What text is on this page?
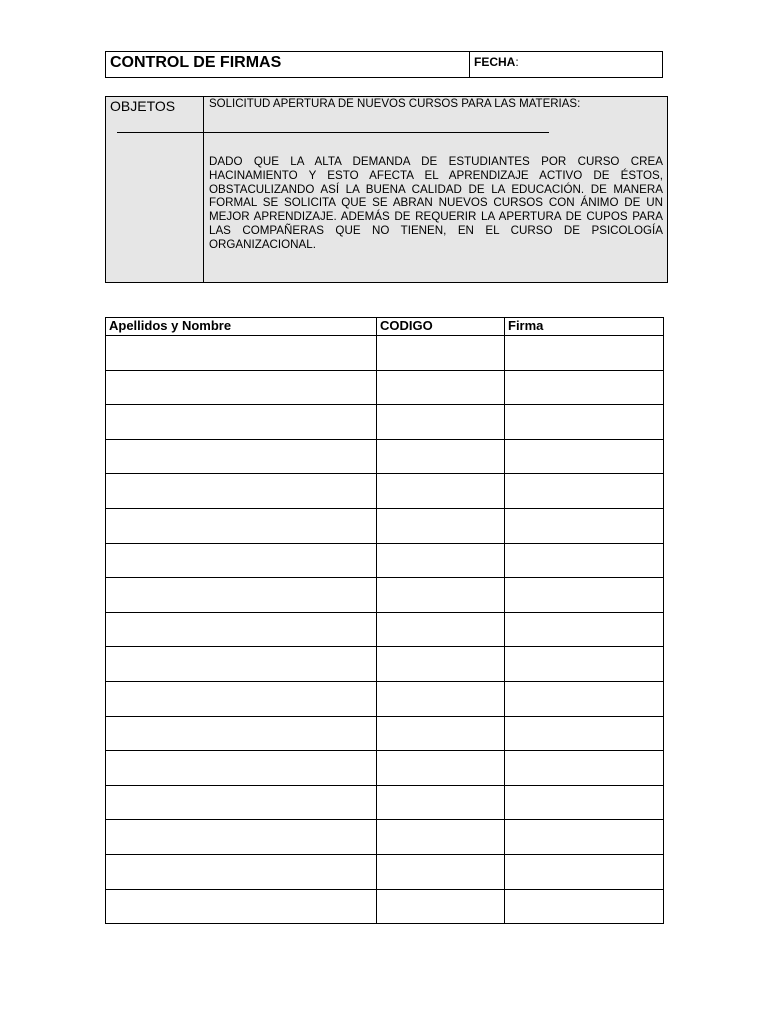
CONTROL DE FIRMAS	FECHA:
OBJETOS	SOLICITUD APERTURA DE NUEVOS CURSOS PARA LAS MATERIAS:
DADO QUE LA ALTA DEMANDA DE ESTUDIANTES POR CURSO CREA HACINAMIENTO Y ESTO AFECTA EL APRENDIZAJE ACTIVO DE ÉSTOS, OBSTACULIZANDO ASÍ LA BUENA CALIDAD DE LA EDUCACIÓN. DE MANERA FORMAL SE SOLICITA QUE SE ABRAN NUEVOS CURSOS CON ÁNIMO DE UN MEJOR APRENDIZAJE. ADEMÁS DE REQUERIR LA APERTURA DE CUPOS PARA LAS COMPAÑERAS QUE NO TIENEN, EN EL CURSO DE PSICOLOGÍA ORGANIZACIONAL.
Apellidos y Nombre	CODIGO	Firma
